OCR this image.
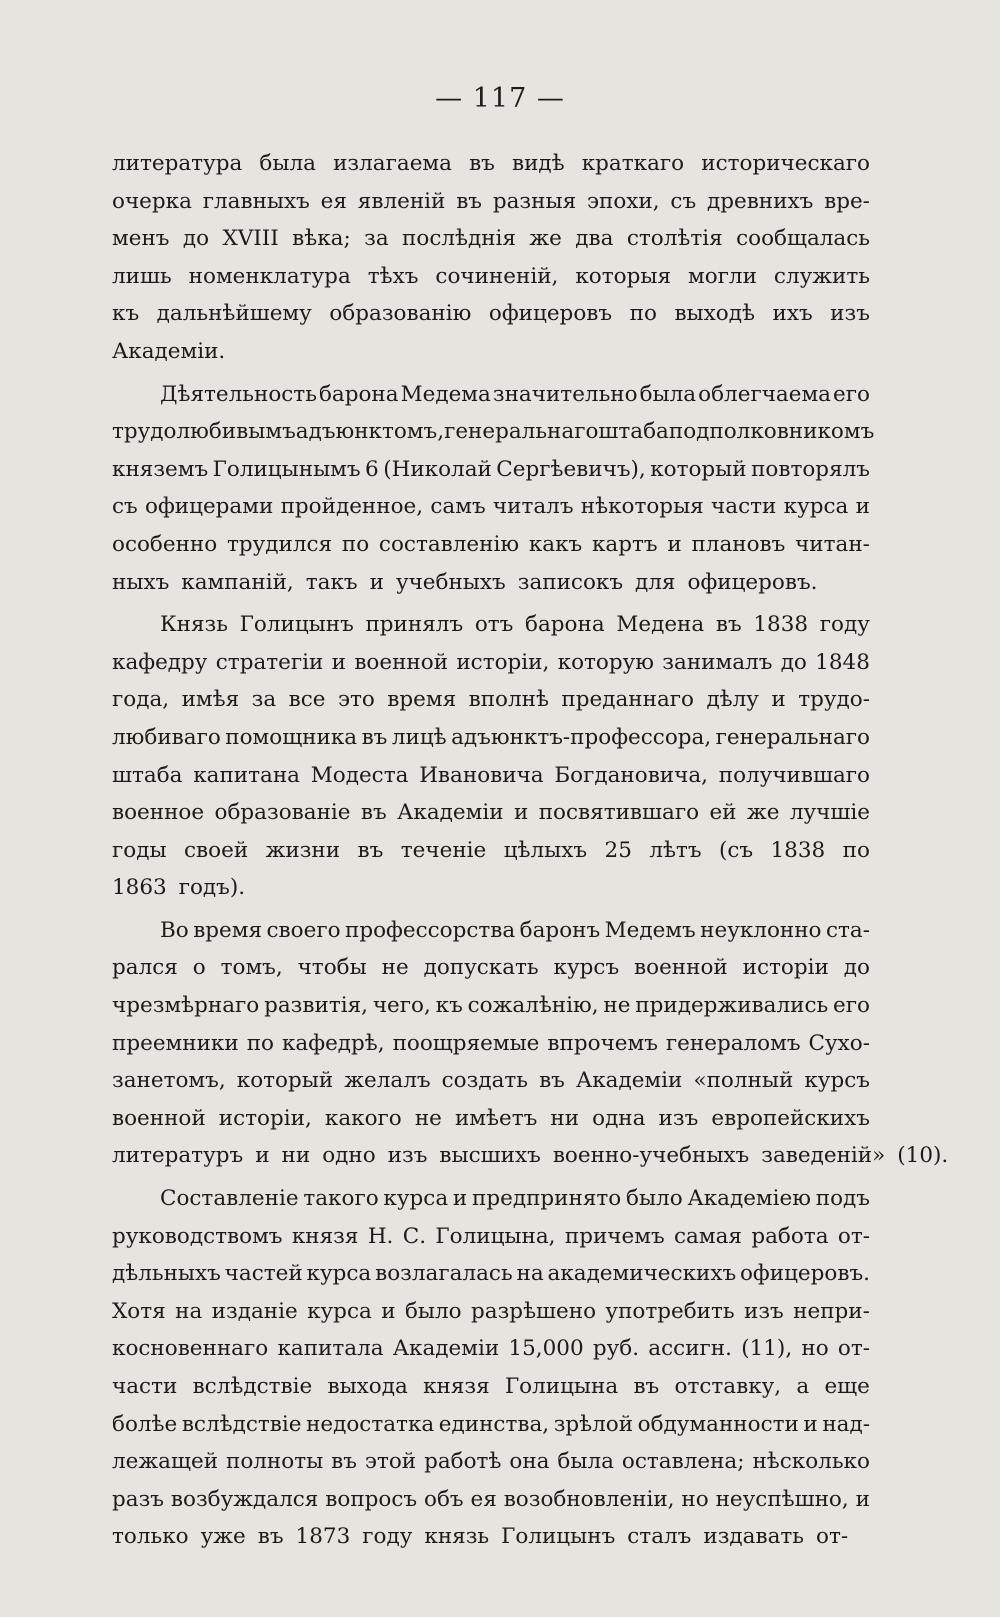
— 117 —
литература была излагаема въ видѣ краткаго историческаго
очерка главныхъ ея явленій въ разныя эпохи, съ древнихъ вре-
менъ до XVIII вѣка; за послѣднія же два столѣтія сообщалась
лишь номенклатура тѣхъ сочиненій, которыя могли служить
къ дальнѣйшему образованію офицеровъ по выходѣ ихъ изъ
Академіи.
Дѣятельность барона Медема значительно была облегчаема его
трудолюбивымъ адъюнктомъ, генеральнаго штаба подполковникомъ
княземъ Голицынымъ 6 (Николай Сергѣевичъ), который повторялъ
съ офицерами пройденное, самъ читалъ нѣкоторыя части курса и
особенно трудился по составленію какъ картъ и плановъ читан-
ныхъ кампаній, такъ и учебныхъ записокъ для офицеровъ.
Князь Голицынъ принялъ отъ барона Медена въ 1838 году
кафедру стратегіи и военной исторіи, которую занималъ до 1848
года, имѣя за все это время вполнѣ преданнаго дѣлу и трудо-
любиваго помощника въ лицѣ адъюнктъ-профессора, генеральнаго
штаба капитана Модеста Ивановича Богдановича, получившаго
военное образованіе въ Академіи и посвятившаго ей же лучшіе
годы своей жизни въ теченіе цѣлыхъ 25 лѣтъ (съ 1838 по
1863 годъ).
Во время своего профессорства баронъ Медемъ неуклонно ста-
рался о томъ, чтобы не допускать курсъ военной исторіи до
чрезмѣрнаго развитія, чего, къ сожалѣнію, не придерживались его
преемники по кафедрѣ, поощряемые впрочемъ генераломъ Сухо-
занетомъ, который желалъ создать въ Академіи «полный курсъ
военной исторіи, какого не имѣетъ ни одна изъ европейскихъ
литературъ и ни одно изъ высшихъ военно-учебныхъ заведеній» (10).
Составленіе такого курса и предпринято было Академіею подъ
руководствомъ князя Н. С. Голицына, причемъ самая работа от-
дѣльныхъ частей курса возлагалась на академическихъ офицеровъ.
Хотя на изданіе курса и было разрѣшено употребить изъ непри-
косновеннаго капитала Академіи 15,000 руб. ассигн. (11), но от-
части вслѣдствіе выхода князя Голицына въ отставку, а еще
болѣе вслѣдствіе недостатка единства, зрѣлой обдуманности и над-
лежащей полноты въ этой работѣ она была оставлена; нѣсколько
разъ возбуждался вопросъ объ ея возобновленіи, но неуспѣшно, и
только уже въ 1873 году князь Голицынъ сталъ издавать от-
